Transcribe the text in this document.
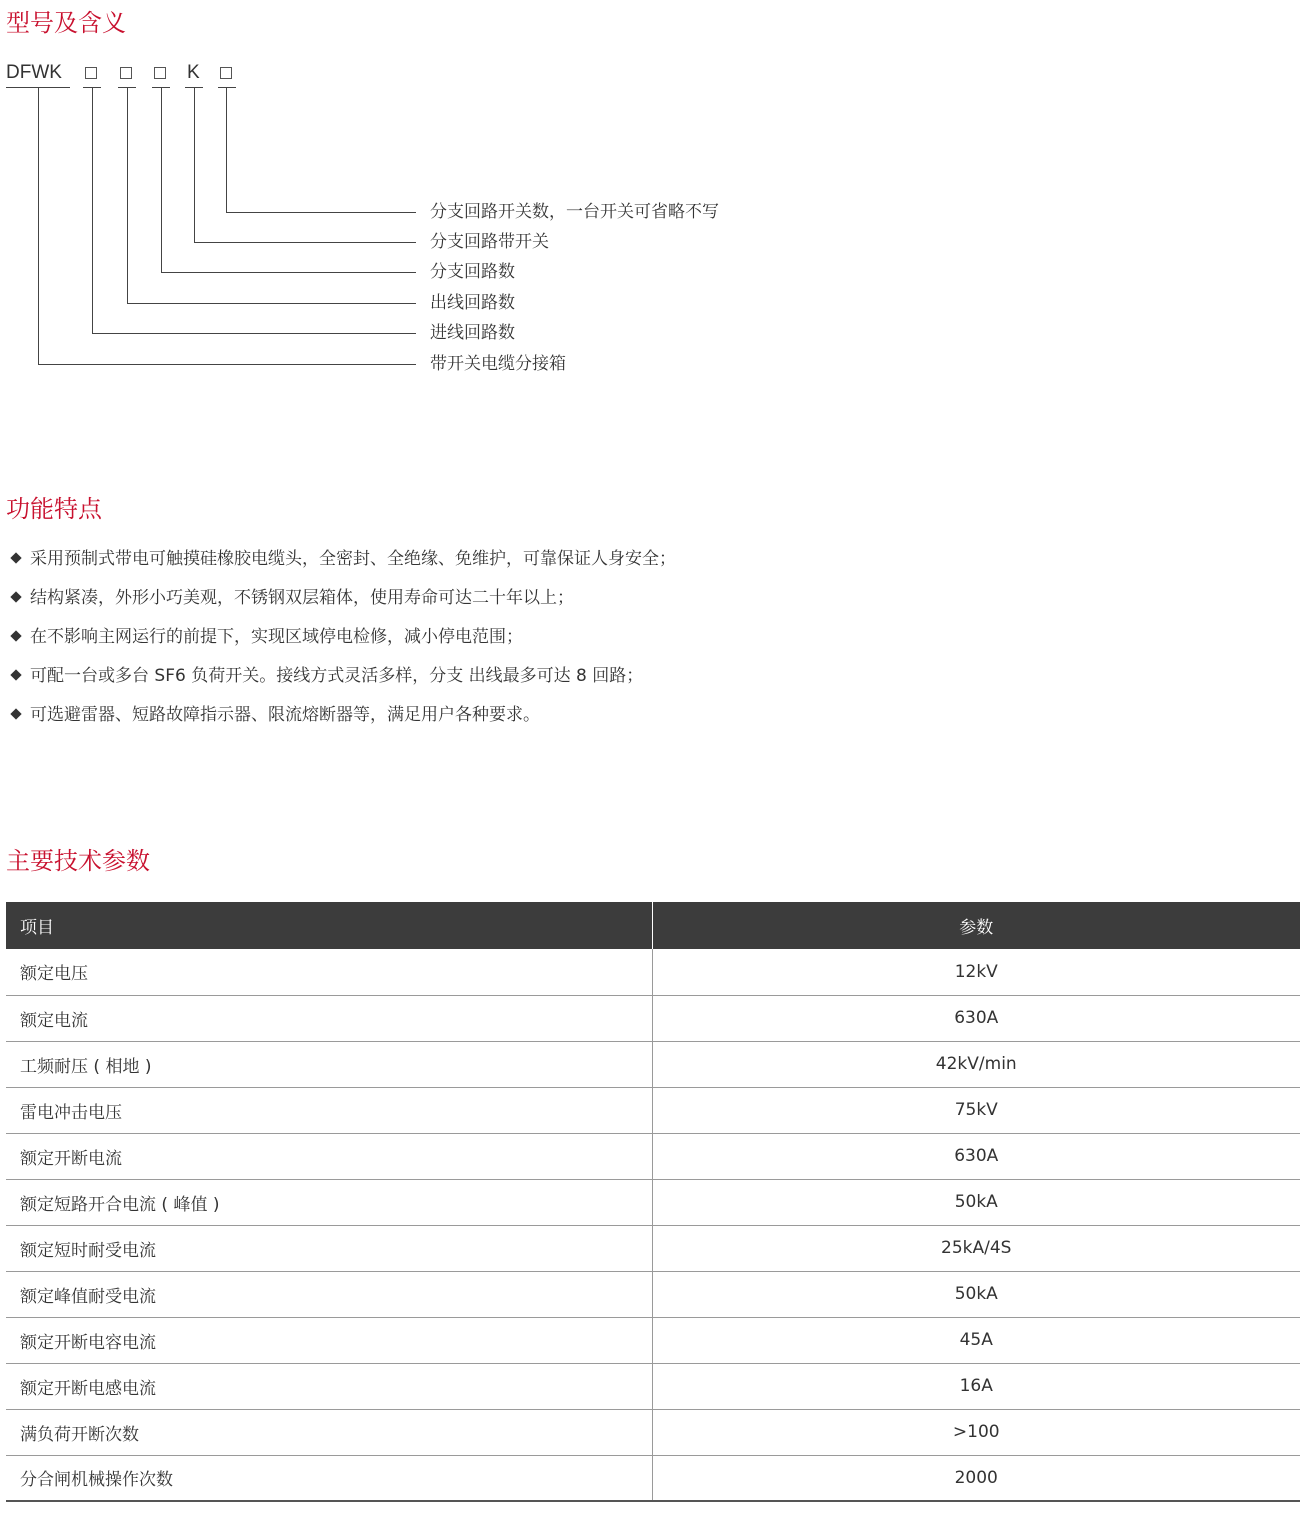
型号及含义
DFWK	K
分支回路开关数，一台开关可省略不写
分支回路带开关
分支回路数
出线回路数
进线回路数
带开关电缆分接箱
功能特点
采用预制式带电可触摸硅橡胶电缆头，全密封、全绝缘、免维护，可靠保证人身安全；
结构紧凑，外形小巧美观，不锈钢双层箱体，使用寿命可达二十年以上；
在不影响主网运行的前提下，实现区域停电检修，减小停电范围；
可配一台或多台 SF6 负荷开关。接线方式灵活多样，分支 出线最多可达 8 回路；
可选避雷器、短路故障指示器、限流熔断器等，满足用户各种要求。
主要技术参数
项目	参数
额定电压	12kV
额定电流	630A
工频耐压 ( 相地 )	42kV/min
雷电冲击电压	75kV
额定开断电流	630A
额定短路开合电流 ( 峰值 )	50kA
额定短时耐受电流	25kA/4S
额定峰值耐受电流	50kA
额定开断电容电流	45A
额定开断电感电流	16A
满负荷开断次数	>100
分合闸机械操作次数	2000
